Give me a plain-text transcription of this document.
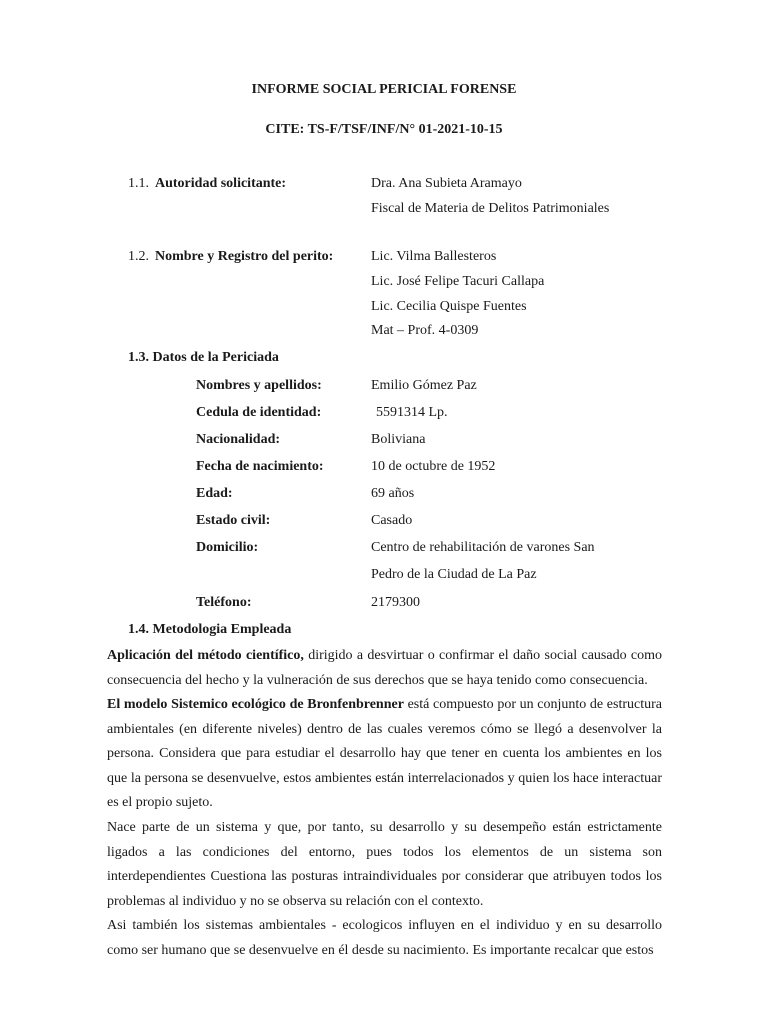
INFORME SOCIAL PERICIAL FORENSE
CITE: TS-F/TSF/INF/N° 01-2021-10-15
1.1. Autoridad solicitante:	Dra. Ana Subieta Aramayo
Fiscal de Materia de Delitos Patrimoniales
1.2. Nombre y Registro del perito:	Lic. Vilma Ballesteros
Lic. José Felipe Tacuri Callapa
Lic. Cecilia Quispe Fuentes
Mat – Prof. 4-0309
1.3. Datos de la Periciada
Nombres y apellidos:	Emilio Gómez Paz
Cedula de identidad:	5591314 Lp.
Nacionalidad:	Boliviana
Fecha de nacimiento:	10 de octubre de 1952
Edad:	69 años
Estado civil:	Casado
Domicilio:	Centro de rehabilitación de varones San
Pedro de la Ciudad de La Paz
Teléfono:	2179300
1.4. Metodologia Empleada

Aplicación del método científico, dirigido a desvirtuar o confirmar el daño social causado como consecuencia del hecho y la vulneración de sus derechos que se haya tenido como consecuencia.

El modelo Sistemico ecológico de Bronfenbrenner está compuesto por un conjunto de estructura ambientales (en diferente niveles) dentro de las cuales veremos cómo se llegó a desenvolver la persona. Considera que para estudiar el desarrollo hay que tener en cuenta los ambientes en los que la persona se desenvuelve, estos ambientes están interrelacionados y quien los hace interactuar es el propio sujeto.

Nace parte de un sistema y que, por tanto, su desarrollo y su desempeño están estrictamente ligados a las condiciones del entorno, pues todos los elementos de un sistema son interdependientes Cuestiona las posturas intraindividuales por considerar que atribuyen todos los problemas al individuo y no se observa su relación con el contexto.

Asi también los sistemas ambientales - ecologicos influyen en el individuo y en su desarrollo como ser humano que se desenvuelve en él desde su nacimiento. Es importante recalcar que estos
